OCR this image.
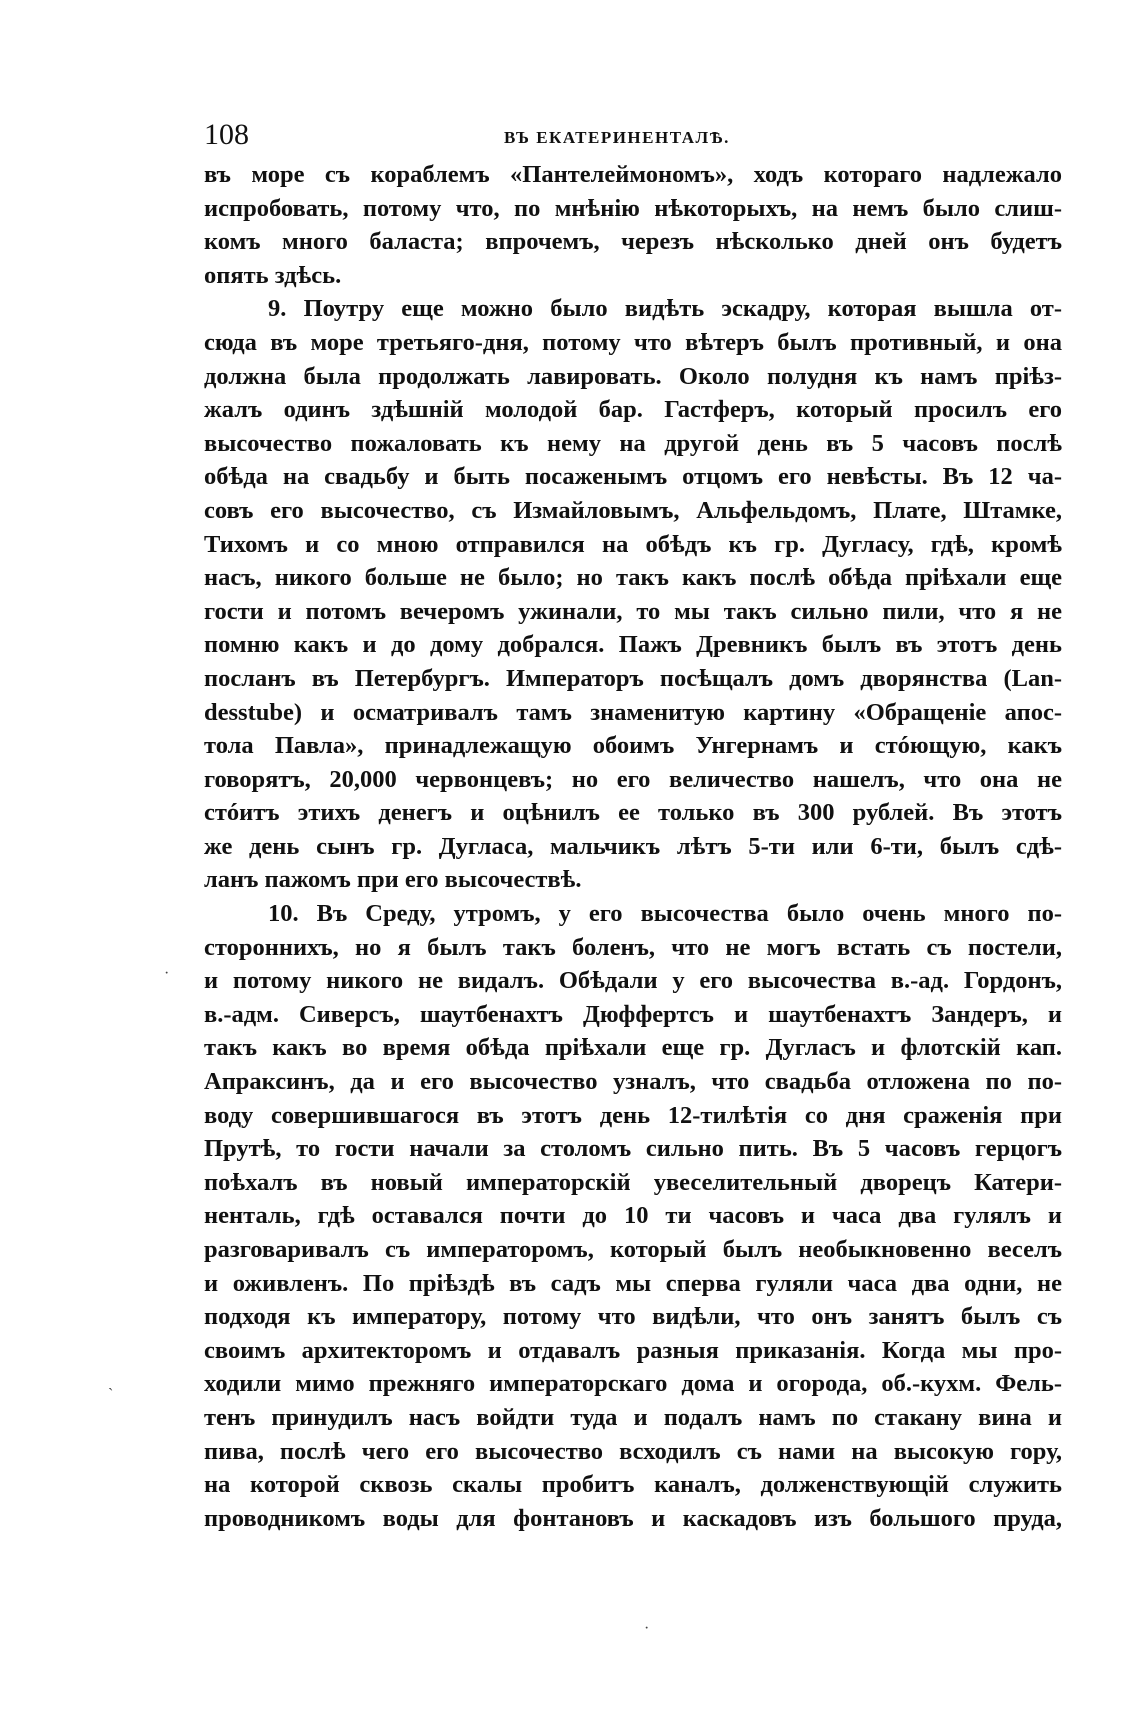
108	ВЪ ЕКАТЕРИНЕНТАЛѢ.
въ море съ кораблемъ «Пантелеймономъ», ходъ котораго надлежало
испробовать, потому что, по мнѣнію нѣкоторыхъ, на немъ было слиш-
комъ много баласта; впрочемъ, черезъ нѣсколько дней онъ будетъ
опять здѣсь.
9. Поутру еще можно было видѣть эскадру, которая вышла от-
сюда въ море третьяго-дня, потому что вѣтеръ былъ противный, и она
должна была продолжать лавировать. Около полудня къ намъ пріѣз-
жалъ одинъ здѣшній молодой бар. Гастферъ, который просилъ его
высочество пожаловать къ нему на другой день въ 5 часовъ послѣ
обѣда на свадьбу и быть посаженымъ отцомъ его невѣсты. Въ 12 ча-
совъ его высочество, съ Измайловымъ, Альфельдомъ, Плате, Штамке,
Тихомъ и со мною отправился на обѣдъ къ гр. Дугласу, гдѣ, кромѣ
насъ, никого больше не было; но такъ какъ послѣ обѣда пріѣхали еще
гости и потомъ вечеромъ ужинали, то мы такъ сильно пили, что я не
помню какъ и до дому добрался. Пажъ Древникъ былъ въ этотъ день
посланъ въ Петербургъ. Императоръ посѣщалъ домъ дворянства (Lan-
desstube) и осматривалъ тамъ знаменитую картину «Обращеніе апос-
тола Павла», принадлежащую обоимъ Унгернамъ и стóющую, какъ
говорятъ, 20,000 червонцевъ; но его величество нашелъ, что она не
стóитъ этихъ денегъ и оцѣнилъ ее только въ 300 рублей. Въ этотъ
же день сынъ гр. Дугласа, мальчикъ лѣтъ 5-ти или 6-ти, былъ сдѣ-
ланъ пажомъ при его высочествѣ.
10. Въ Среду, утромъ, у его высочества было очень много по-
стороннихъ, но я былъ такъ боленъ, что не могъ встать съ постели,
и потому никого не видалъ. Обѣдали у его высочества в.-ад. Гордонъ,
в.-адм. Сиверсъ, шаутбенахтъ Дюффертсъ и шаутбенахтъ Зандеръ, и
такъ какъ во время обѣда пріѣхали еще гр. Дугласъ и флотскій кап.
Апраксинъ, да и его высочество узналъ, что свадьба отложена по по-
воду совершившагося въ этотъ день 12-тилѣтія со дня сраженія при
Прутѣ, то гости начали за столомъ сильно пить. Въ 5 часовъ герцогъ
поѣхалъ въ новый императорскій увеселительный дворецъ Катери-
ненталь, гдѣ оставался почти до 10 ти часовъ и часа два гулялъ и
разговаривалъ съ императоромъ, который былъ необыкновенно веселъ
и оживленъ. По пріѣздѣ въ садъ мы сперва гуляли часа два одни, не
подходя къ императору, потому что видѣли, что онъ занятъ былъ съ
своимъ архитекторомъ и отдавалъ разныя приказанія. Когда мы про-
ходили мимо прежняго императорскаго дома и огорода, об.-кухм. Фель-
тенъ принудилъ насъ войдти туда и подалъ намъ по стакану вина и
пива, послѣ чего его высочество всходилъ съ нами на высокую гору,
на которой сквозь скалы пробитъ каналъ, долженствующій служить
проводникомъ воды для фонтановъ и каскадовъ изъ большого пруда,
·
ˏ
·
